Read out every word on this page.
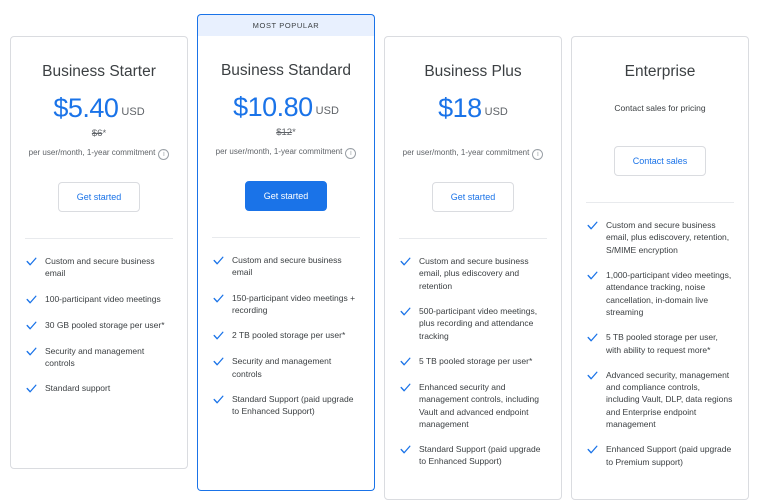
Business Starter
$5.40 USD
$6*
per user/month, 1-year commitment i
Get started
Custom and secure business email
100-participant video meetings
30 GB pooled storage per user*
Security and management controls
Standard support
MOST POPULAR
Business Standard
$10.80 USD
$12*
per user/month, 1-year commitment i
Get started
Custom and secure business email
150-participant video meetings + recording
2 TB pooled storage per user*
Security and management controls
Standard Support (paid upgrade to Enhanced Support)
Business Plus
$18 USD
per user/month, 1-year commitment i
Get started
Custom and secure business email, plus ediscovery and retention
500-participant video meetings, plus recording and attendance tracking
5 TB pooled storage per user*
Enhanced security and management controls, including Vault and advanced endpoint management
Standard Support (paid upgrade to Enhanced Support)
Enterprise
Contact sales for pricing
Contact sales
Custom and secure business email, plus ediscovery, retention, S/MIME encryption
1,000-participant video meetings, attendance tracking, noise cancellation, in-domain live streaming
5 TB pooled storage per user, with ability to request more*
Advanced security, management and compliance controls, including Vault, DLP, data regions and Enterprise endpoint management
Enhanced Support (paid upgrade to Premium support)
